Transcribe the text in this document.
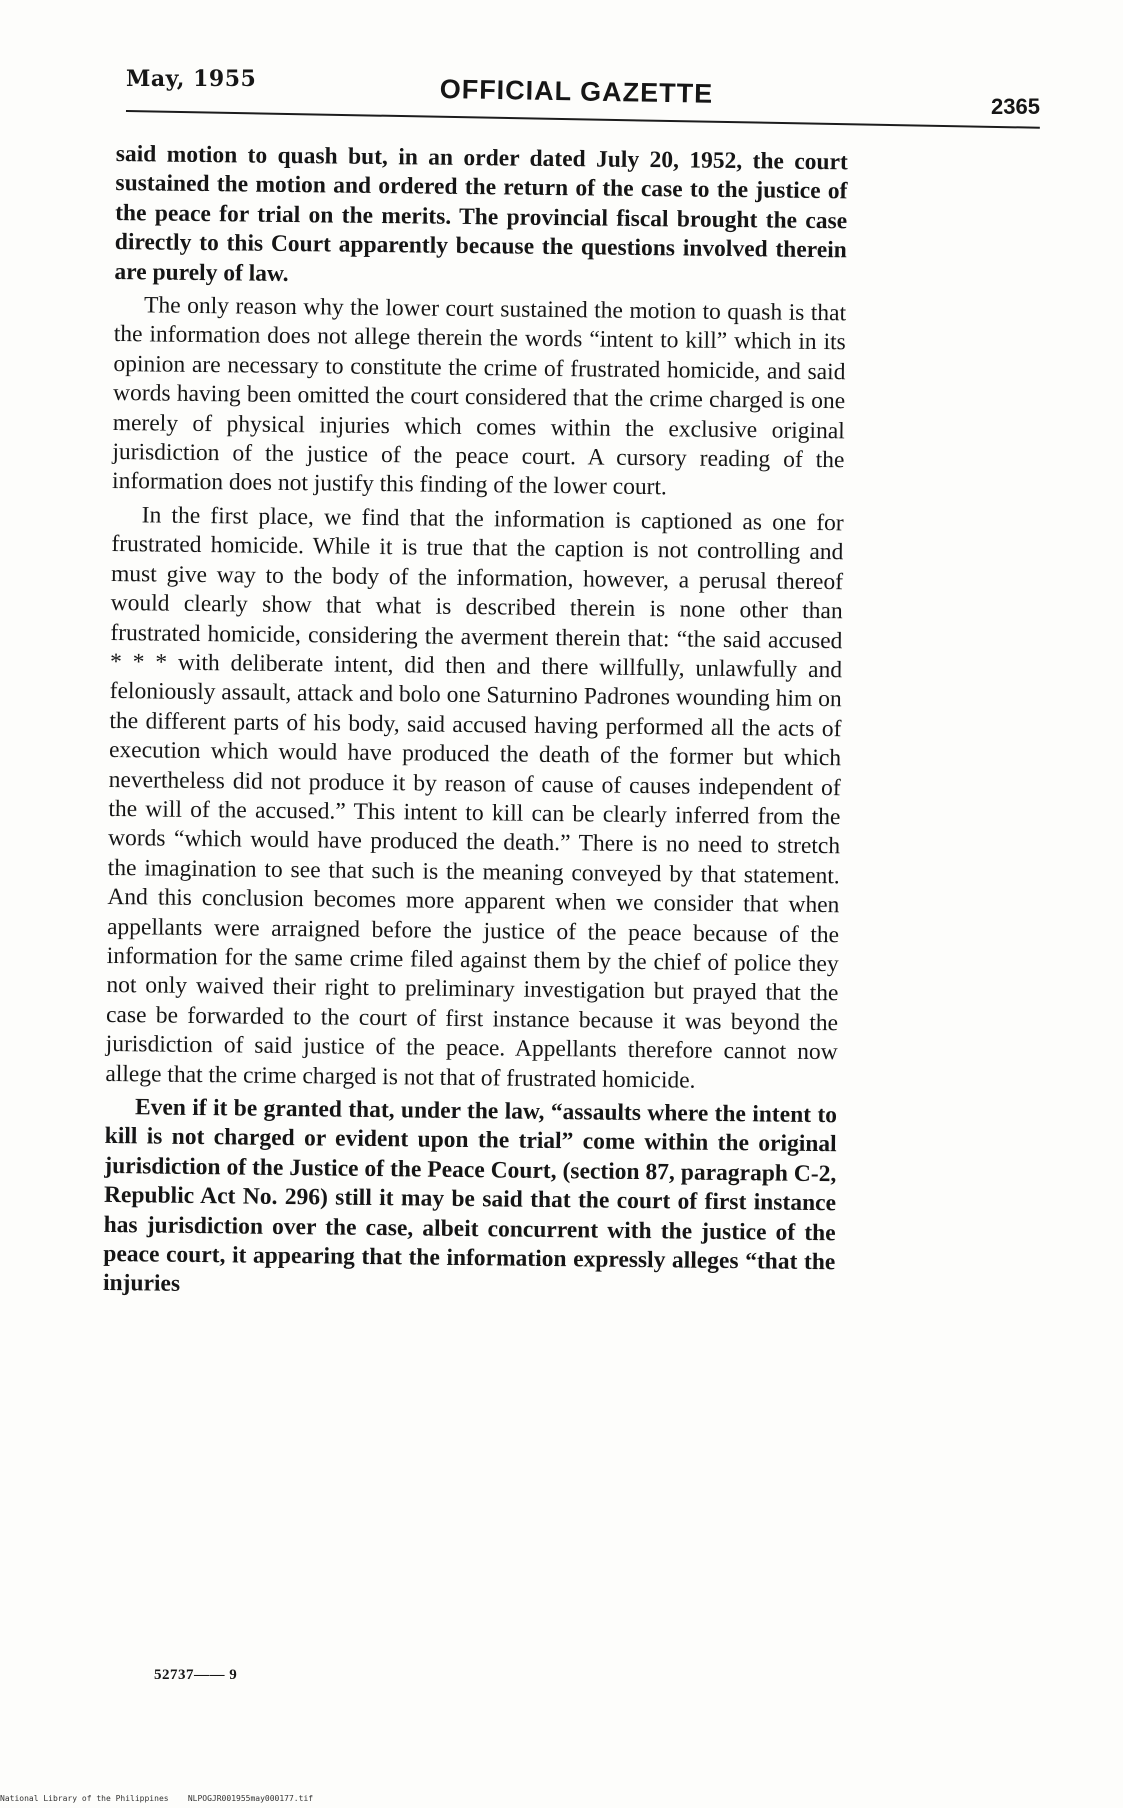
May, 1955	OFFICIAL GAZETTE	2365

said motion to quash but, in an order dated July 20, 1952, the court sustained the motion and ordered the return of the case to the justice of the peace for trial on the merits. The provincial fiscal brought the case directly to this Court apparently because the questions involved therein are purely of law.

The only reason why the lower court sustained the motion to quash is that the information does not allege therein the words “intent to kill” which in its opinion are necessary to constitute the crime of frustrated homicide, and said words having been omitted the court considered that the crime charged is one merely of physical injuries which comes within the exclusive original jurisdiction of the justice of the peace court. A cursory reading of the information does not justify this finding of the lower court.

In the first place, we find that the information is captioned as one for frustrated homicide. While it is true that the caption is not controlling and must give way to the body of the information, however, a perusal thereof would clearly show that what is described therein is none other than frustrated homicide, considering the averment therein that: “the said accused * * * with deliberate intent, did then and there willfully, unlawfully and feloniously assault, attack and bolo one Saturnino Padrones wounding him on the different parts of his body, said accused having performed all the acts of execution which would have produced the death of the former but which nevertheless did not produce it by reason of cause of causes independent of the will of the accused.” This intent to kill can be clearly inferred from the words “which would have produced the death.” There is no need to stretch the imagination to see that such is the meaning conveyed by that statement. And this conclusion becomes more apparent when we consider that when appellants were arraigned before the justice of the peace because of the information for the same crime filed against them by the chief of police they not only waived their right to preliminary investigation but prayed that the case be forwarded to the court of first instance because it was beyond the jurisdiction of said justice of the peace. Appellants therefore cannot now allege that the crime charged is not that of frustrated homicide.

Even if it be granted that, under the law, “assaults where the intent to kill is not charged or evident upon the trial” come within the original jurisdiction of the Justice of the Peace Court, (section 87, paragraph C-2, Republic Act No. 296) still it may be said that the court of first instance has jurisdiction over the case, albeit concurrent with the justice of the peace court, it appearing that the information expressly alleges “that the injuries

52737—— 9
National Library of the Philippines NLPOGJR001955may000177.tif
